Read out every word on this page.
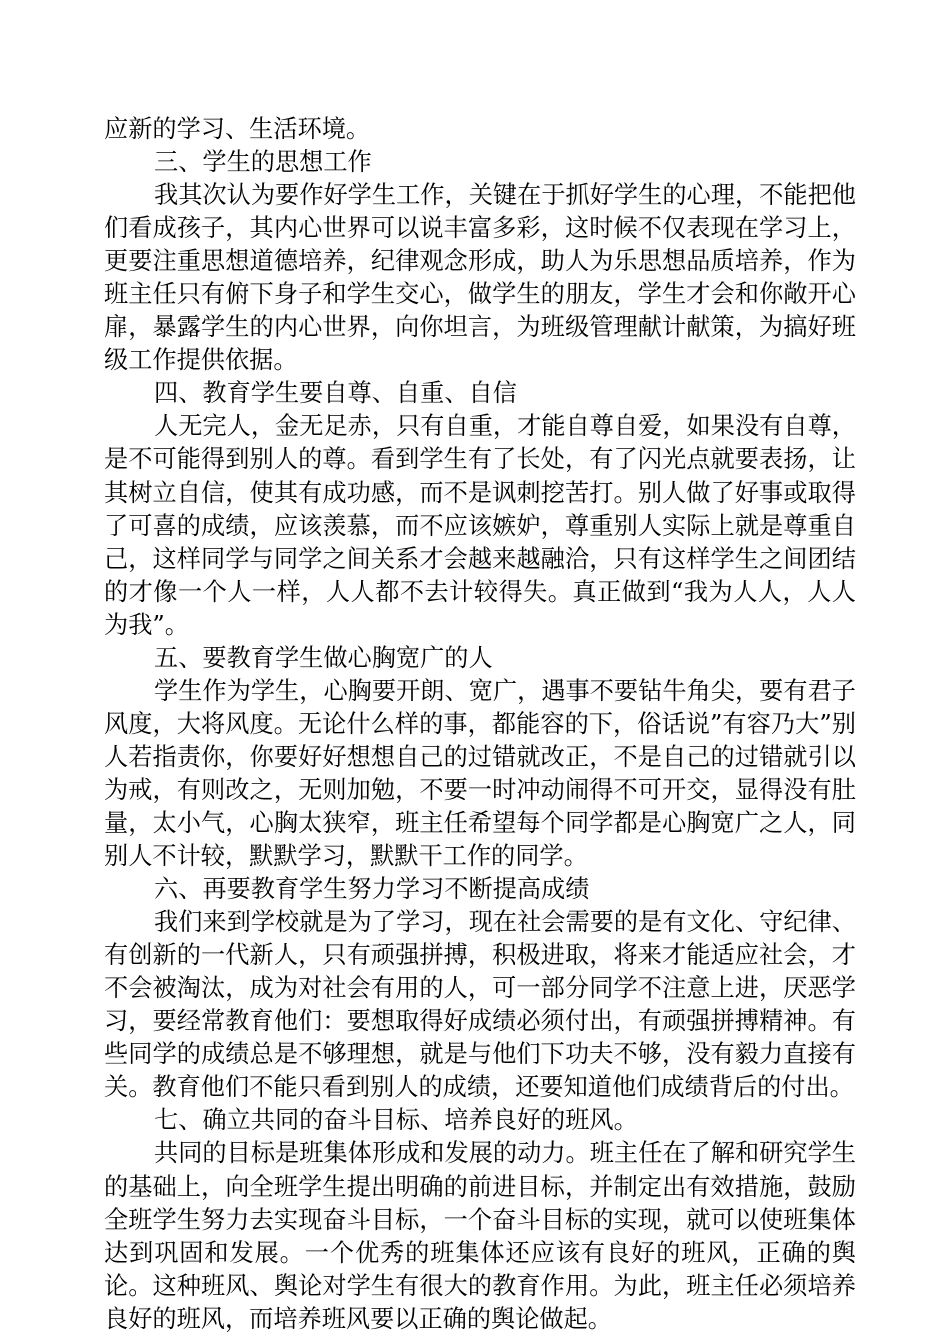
应新的学习、生活环境。

三、学生的思想工作

我其次认为要作好学生工作，关键在于抓好学生的心理，不能把他们看成孩子，其内心世界可以说丰富多彩，这时候不仅表现在学习上，更要注重思想道德培养，纪律观念形成，助人为乐思想品质培养，作为班主任只有俯下身子和学生交心，做学生的朋友，学生才会和你敞开心扉，暴露学生的内心世界，向你坦言，为班级管理献计献策，为搞好班级工作提供依据。

四、教育学生要自尊、自重、自信

人无完人，金无足赤，只有自重，才能自尊自爱，如果没有自尊，是不可能得到别人的尊。看到学生有了长处，有了闪光点就要表扬，让其树立自信，使其有成功感，而不是讽刺挖苦打。别人做了好事或取得了可喜的成绩，应该羡慕，而不应该嫉妒，尊重别人实际上就是尊重自己，这样同学与同学之间关系才会越来越融洽，只有这样学生之间团结的才像一个人一样，人人都不去计较得失。真正做到“我为人人，人人为我”。

五、要教育学生做心胸宽广的人

学生作为学生，心胸要开朗、宽广，遇事不要钻牛角尖，要有君子风度，大将风度。无论什么样的事，都能容的下，俗话说”有容乃大”别人若指责你，你要好好想想自己的过错就改正，不是自己的过错就引以为戒，有则改之，无则加勉，不要一时冲动闹得不可开交，显得没有肚量，太小气，心胸太狭窄，班主任希望每个同学都是心胸宽广之人，同别人不计较，默默学习，默默干工作的同学。

六、再要教育学生努力学习不断提高成绩

我们来到学校就是为了学习，现在社会需要的是有文化、守纪律、有创新的一代新人，只有顽强拼搏，积极进取，将来才能适应社会，才不会被淘汰，成为对社会有用的人，可一部分同学不注意上进，厌恶学习，要经常教育他们：要想取得好成绩必须付出，有顽强拼搏精神。有些同学的成绩总是不够理想，就是与他们下功夫不够，没有毅力直接有关。教育他们不能只看到别人的成绩，还要知道他们成绩背后的付出。

七、确立共同的奋斗目标、培养良好的班风。

共同的目标是班集体形成和发展的动力。班主任在了解和研究学生的基础上，向全班学生提出明确的前进目标，并制定出有效措施，鼓励全班学生努力去实现奋斗目标，一个奋斗目标的实现，就可以使班集体达到巩固和发展。一个优秀的班集体还应该有良好的班风，正确的舆论。这种班风、舆论对学生有很大的教育作用。为此，班主任必须培养良好的班风，而培养班风要以正确的舆论做起。
